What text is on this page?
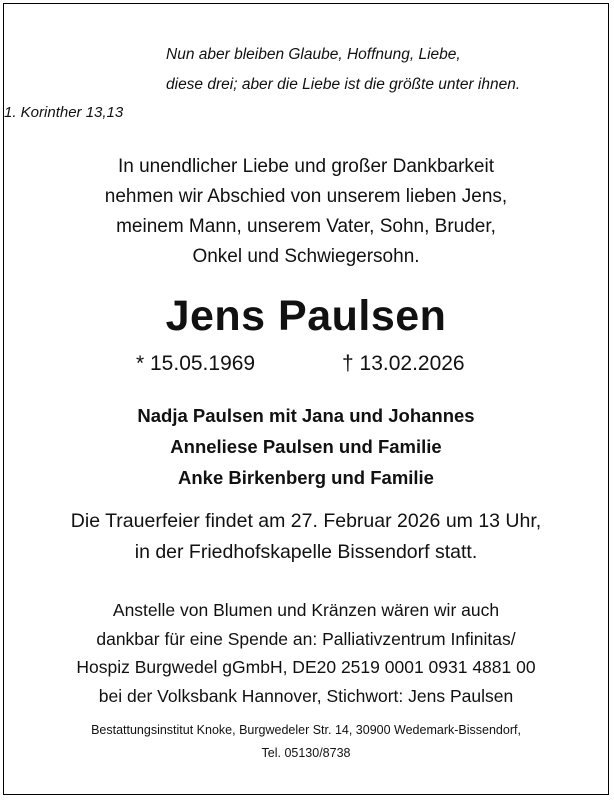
Nun aber bleiben Glaube, Hoffnung, Liebe,
diese drei; aber die Liebe ist die größte unter ihnen.
1. Korinther 13,13
In unendlicher Liebe und großer Dankbarkeit
nehmen wir Abschied von unserem lieben Jens,
meinem Mann, unserem Vater, Sohn, Bruder,
Onkel und Schwiegersohn.
Jens Paulsen
* 15.05.1969	† 13.02.2026
Nadja Paulsen mit Jana und Johannes
Anneliese Paulsen und Familie
Anke Birkenberg und Familie
Die Trauerfeier findet am 27. Februar 2026 um 13 Uhr,
in der Friedhofskapelle Bissendorf statt.
Anstelle von Blumen und Kränzen wären wir auch
dankbar für eine Spende an: Palliativzentrum Infinitas/
Hospiz Burgwedel gGmbH, DE20 2519 0001 0931 4881 00
bei der Volksbank Hannover, Stichwort: Jens Paulsen
Bestattungsinstitut Knoke, Burgwedeler Str. 14, 30900 Wedemark-Bissendorf,
Tel. 05130/8738
